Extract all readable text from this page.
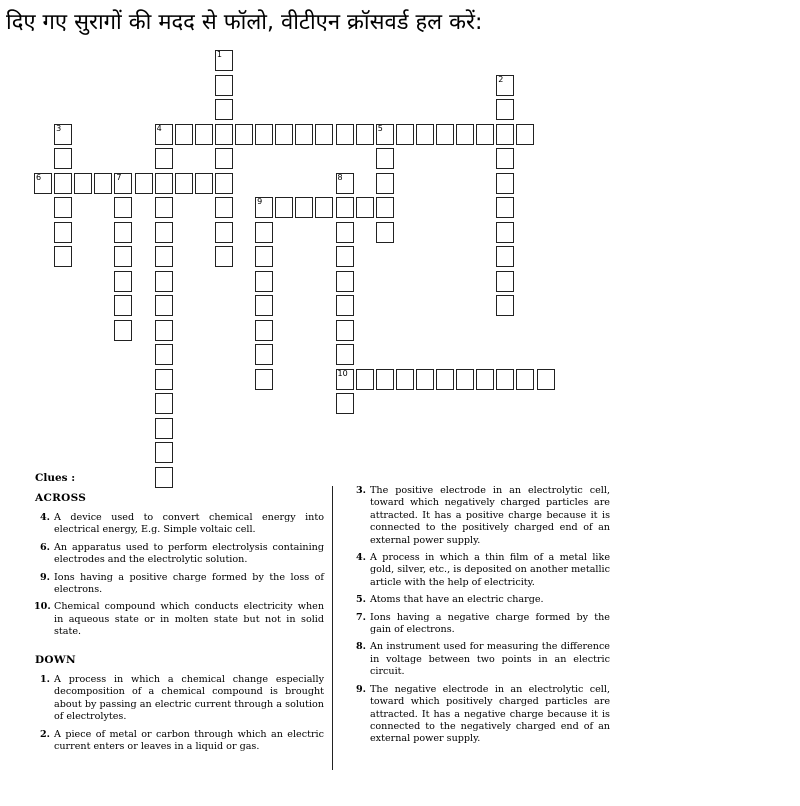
दिए गए सुरागों की मदद से फॉलो, वीटीएन क्रॉसवर्ड हल करें:
1
2
3	4	5
6	7	8
10
9
Clues :
ACROSS
4. A device used to convert chemical energy into electrical energy, E.g. Simple voltaic cell.
6. An apparatus used to perform electrolysis containing electrodes and the electrolytic solution.
9. Ions having a positive charge formed by the loss of electrons.
10. Chemical compound which conducts electricity when in aqueous state or in molten state but not in solid state.
DOWN
1. A process in which a chemical change especially decomposition of a chemical compound is brought about by passing an electric current through a solution of electrolytes.
2. A piece of metal or carbon through which an electric current enters or leaves in a liquid or gas.
3. The positive electrode in an electrolytic cell, toward which negatively charged particles are attracted. It has a positive charge because it is connected to the positively charged end of an external power supply.
4. A process in which a thin film of a metal like gold, silver, etc., is deposited on another metallic article with the help of electricity.
5. Atoms that have an electric charge.
7. Ions having a negative charge formed by the gain of electrons.
8. An instrument used for measuring the difference in voltage between two points in an electric circuit.
9. The negative electrode in an electrolytic cell, toward which positively charged particles are attracted. It has a negative charge because it is connected to the negatively charged end of an external power supply.
